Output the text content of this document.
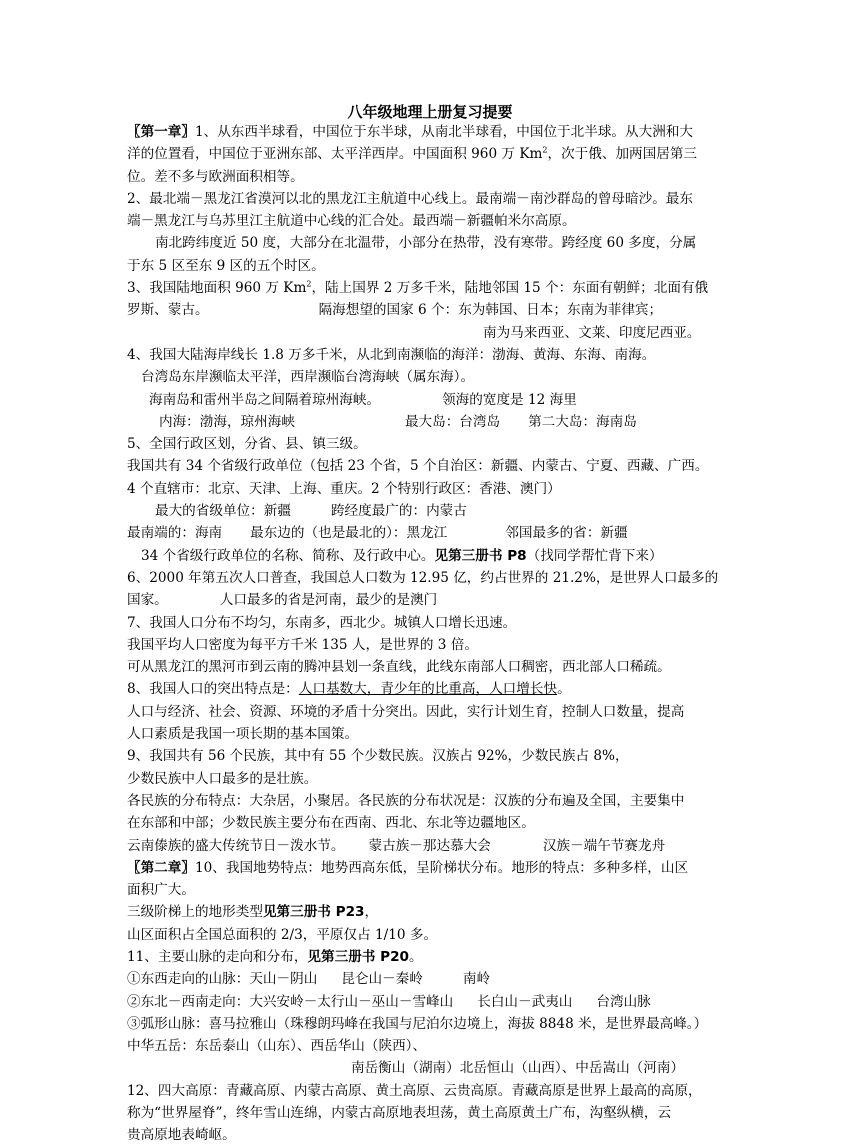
八年级地理上册复习提要
〖第一章〗1、从东西半球看，中国位于东半球，从南北半球看，中国位于北半球。从大洲和大
洋的位置看，中国位于亚洲东部、太平洋西岸。中国面积 960 万 Km$^2$，次于俄、加两国居第三
位。差不多与欧洲面积相等。
2、最北端－黑龙江省漠河以北的黑龙江主航道中心线上。最南端－南沙群岛的曾母暗沙。最东
端－黑龙江与乌苏里江主航道中心线的汇合处。最西端－新疆帕米尔高原。
南北跨纬度近 50 度，大部分在北温带，小部分在热带，没有寒带。跨经度 60 多度，分属
于东 5 区至东 9 区的五个时区。
3、我国陆地面积 960 万 Km$^2$，陆上国界 2 万多千米，陆地邻国 15 个：东面有朝鲜；北面有俄
罗斯、蒙古。	隔海想望的国家 6 个：东为韩国、日本；东南为菲律宾；
南为马来西亚、文莱、印度尼西亚。
4、我国大陆海岸线长 1.8 万多千米，从北到南濒临的海洋：渤海、黄海、东海、南海。
台湾岛东岸濒临太平洋，西岸濒临台湾海峡（属东海）。
海南岛和雷州半岛之间隔着琼州海峡。	领海的宽度是 12 海里
内海：渤海，琼州海峡	最大岛：台湾岛 第二大岛：海南岛
5、全国行政区划，分省、县、镇三级。
我国共有 34 个省级行政单位（包括 23 个省，5 个自治区：新疆、内蒙古、宁夏、西藏、广西。
4 个直辖市：北京、天津、上海、重庆。2 个特别行政区：香港、澳门）
最大的省级单位：新疆	跨经度最广的：内蒙古
最南端的：海南 最东边的（也是最北的）：黑龙江	邻国最多的省：新疆
34 个省级行政单位的名称、简称、及行政中心。见第三册书 P8（找同学帮忙背下来）
6、2000 年第五次人口普查，我国总人口数为 12.95 亿，约占世界的 21.2%，是世界人口最多的
国家。	人口最多的省是河南，最少的是澳门
7、我国人口分布不均匀，东南多，西北少。城镇人口增长迅速。
我国平均人口密度为每平方千米 135 人，是世界的 3 倍。
可从黑龙江的黑河市到云南的腾冲县划一条直线，此线东南部人口稠密，西北部人口稀疏。
8、我国人口的突出特点是：人口基数大，青少年的比重高，人口增长快。
人口与经济、社会、资源、环境的矛盾十分突出。因此，实行计划生育，控制人口数量，提高
人口素质是我国一项长期的基本国策。
9、我国共有 56 个民族，其中有 55 个少数民族。汉族占 92%，少数民族占 8%，
少数民族中人口最多的是壮族。
各民族的分布特点：大杂居，小聚居。各民族的分布状况是：汉族的分布遍及全国，主要集中
在东部和中部；少数民族主要分布在西南、西北、东北等边疆地区。
云南傣族的盛大传统节日－泼水节。 蒙古族－那达慕大会	汉族－端午节赛龙舟
〖第二章〗10、我国地势特点：地势西高东低，呈阶梯状分布。地形的特点：多种多样，山区
面积广大。
三级阶梯上的地形类型见第三册书 P23，
山区面积占全国总面积的 2/3，平原仅占 1/10 多。
11、主要山脉的走向和分布，见第三册书 P20。
①东西走向的山脉：天山－阴山 昆仑山－秦岭	南岭
②东北－西南走向：大兴安岭－太行山－巫山－雪峰山 长白山－武夷山 台湾山脉
③弧形山脉：喜马拉雅山（珠穆朗玛峰在我国与尼泊尔边境上，海拔 8848 米，是世界最高峰。）
中华五岳：东岳泰山（山东）、西岳华山（陕西）、
南岳衡山（湖南）北岳恒山（山西）、中岳嵩山（河南）
12、四大高原：青藏高原、内蒙古高原、黄土高原、云贵高原。青藏高原是世界上最高的高原，
称为“世界屋脊”，终年雪山连绵，内蒙古高原地表坦荡，黄土高原黄土广布，沟壑纵横，云
贵高原地表崎岖。
